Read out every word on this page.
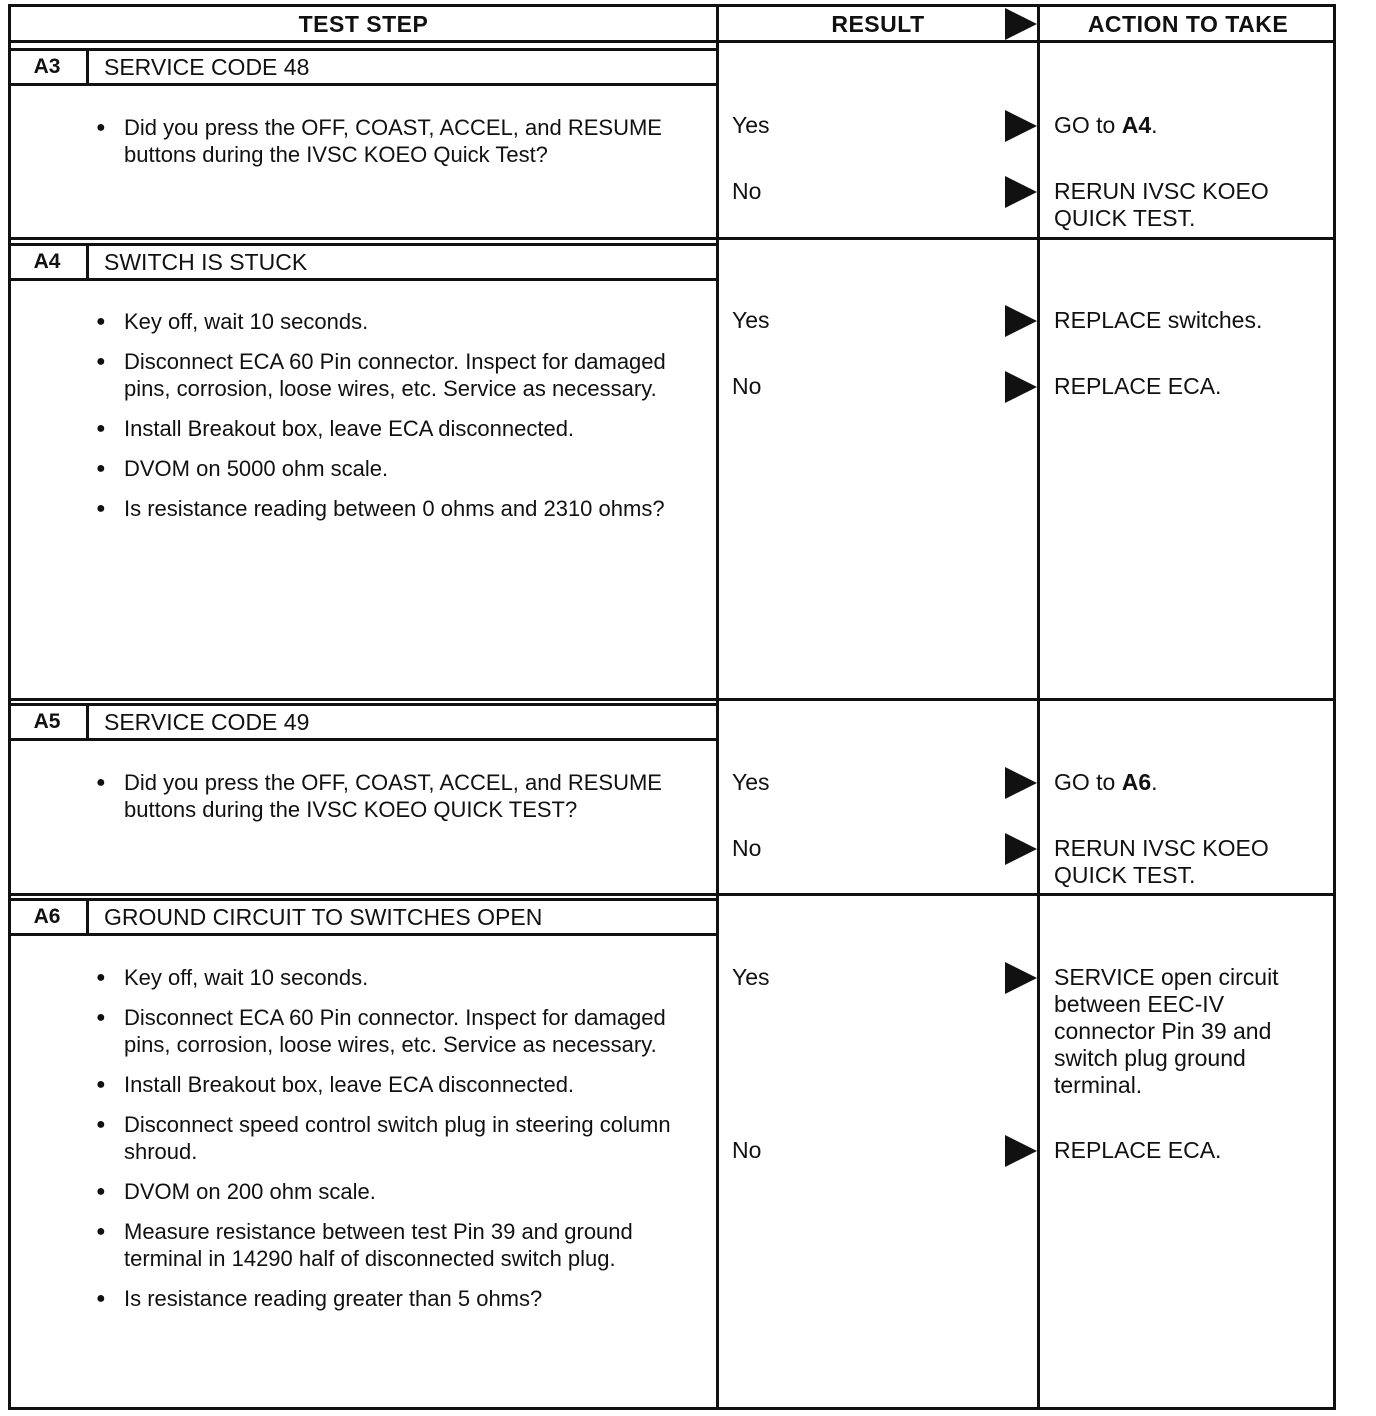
TEST STEP	RESULT	ACTION TO TAKE
A3	SERVICE CODE 48
● Did you press the OFF, COAST, ACCEL, and RESUME buttons during the IVSC KOEO Quick Test?
Yes	GO to A4.
No	RERUN IVSC KOEO QUICK TEST.
A4	SWITCH IS STUCK
● Key off, wait 10 seconds.
● Disconnect ECA 60 Pin connector. Inspect for damaged pins, corrosion, loose wires, etc. Service as necessary.
● Install Breakout box, leave ECA disconnected.
● DVOM on 5000 ohm scale.
● Is resistance reading between 0 ohms and 2310 ohms?
Yes	REPLACE switches.
No	REPLACE ECA.
A5	SERVICE CODE 49
● Did you press the OFF, COAST, ACCEL, and RESUME buttons during the IVSC KOEO QUICK TEST?
Yes	GO to A6.
No	RERUN IVSC KOEO QUICK TEST.
A6	GROUND CIRCUIT TO SWITCHES OPEN
● Key off, wait 10 seconds.
● Disconnect ECA 60 Pin connector. Inspect for damaged pins, corrosion, loose wires, etc. Service as necessary.
● Install Breakout box, leave ECA disconnected.
● Disconnect speed control switch plug in steering column shroud.
● DVOM on 200 ohm scale.
● Measure resistance between test Pin 39 and ground terminal in 14290 half of disconnected switch plug.
● Is resistance reading greater than 5 ohms?
Yes	SERVICE open circuit between EEC-IV connector Pin 39 and switch plug ground terminal.
No	REPLACE ECA.
